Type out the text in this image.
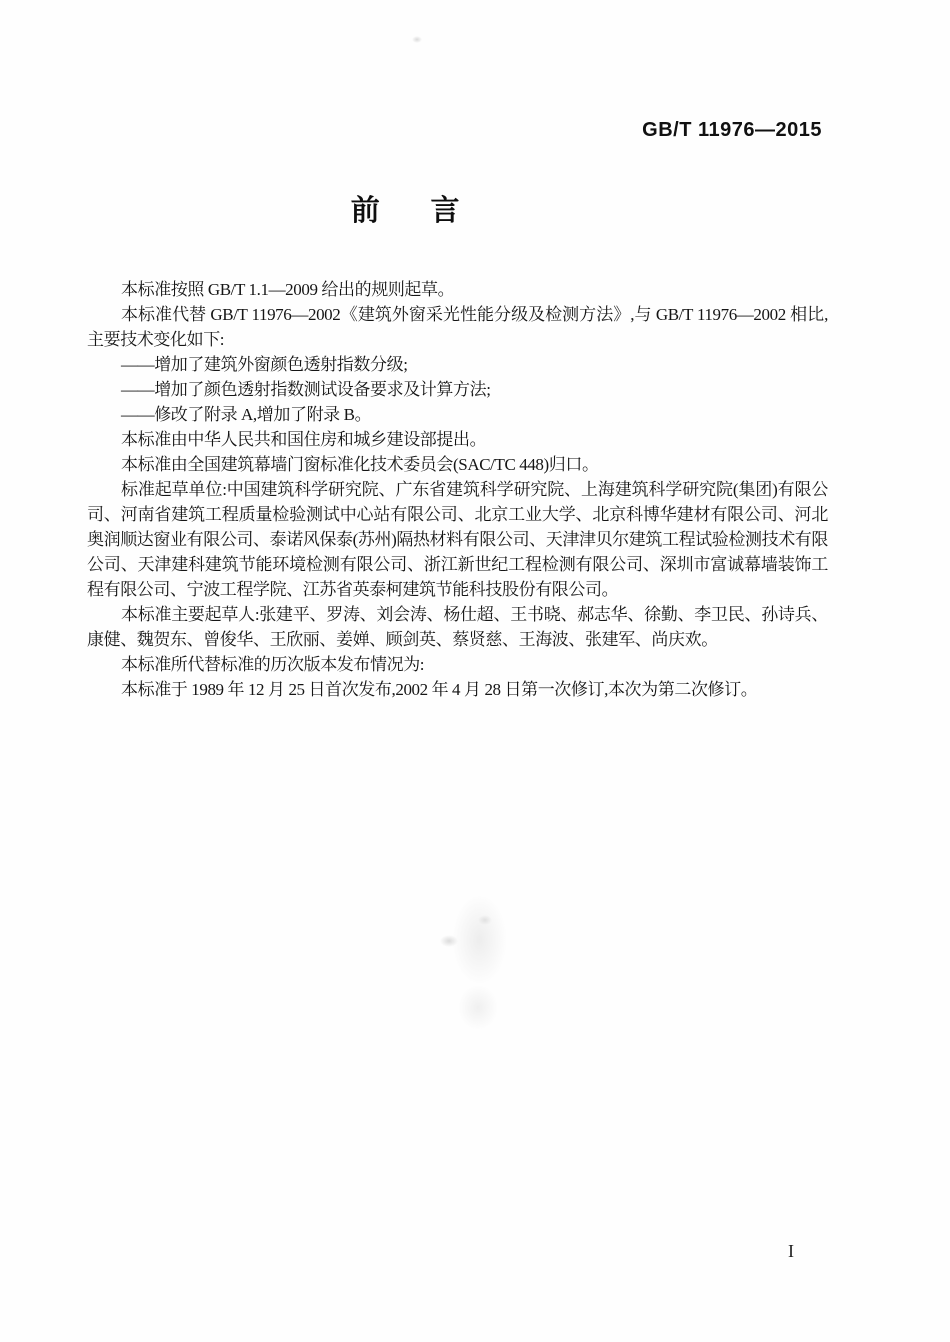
GB/T 11976—2015
前言

本标准按照 GB/T 1.1—2009 给出的规则起草。

本标准代替 GB/T 11976—2002《建筑外窗采光性能分级及检测方法》,与 GB/T 11976—2002 相比,主要技术变化如下:

——增加了建筑外窗颜色透射指数分级;

——增加了颜色透射指数测试设备要求及计算方法;

——修改了附录 A,增加了附录 B。

本标准由中华人民共和国住房和城乡建设部提出。

本标准由全国建筑幕墙门窗标准化技术委员会(SAC/TC 448)归口。

标准起草单位:中国建筑科学研究院、广东省建筑科学研究院、上海建筑科学研究院(集团)有限公司、河南省建筑工程质量检验测试中心站有限公司、北京工业大学、北京科博华建材有限公司、河北奥润顺达窗业有限公司、泰诺风保泰(苏州)隔热材料有限公司、天津津贝尔建筑工程试验检测技术有限公司、天津建科建筑节能环境检测有限公司、浙江新世纪工程检测有限公司、深圳市富诚幕墙装饰工程有限公司、宁波工程学院、江苏省英泰柯建筑节能科技股份有限公司。

本标准主要起草人:张建平、罗涛、刘会涛、杨仕超、王书晓、郝志华、徐勤、李卫民、孙诗兵、康健、魏贺东、曾俊华、王欣丽、姜婵、顾剑英、蔡贤慈、王海波、张建军、尚庆欢。

本标准所代替标准的历次版本发布情况为:

本标准于 1989 年 12 月 25 日首次发布,2002 年 4 月 28 日第一次修订,本次为第二次修订。

I
